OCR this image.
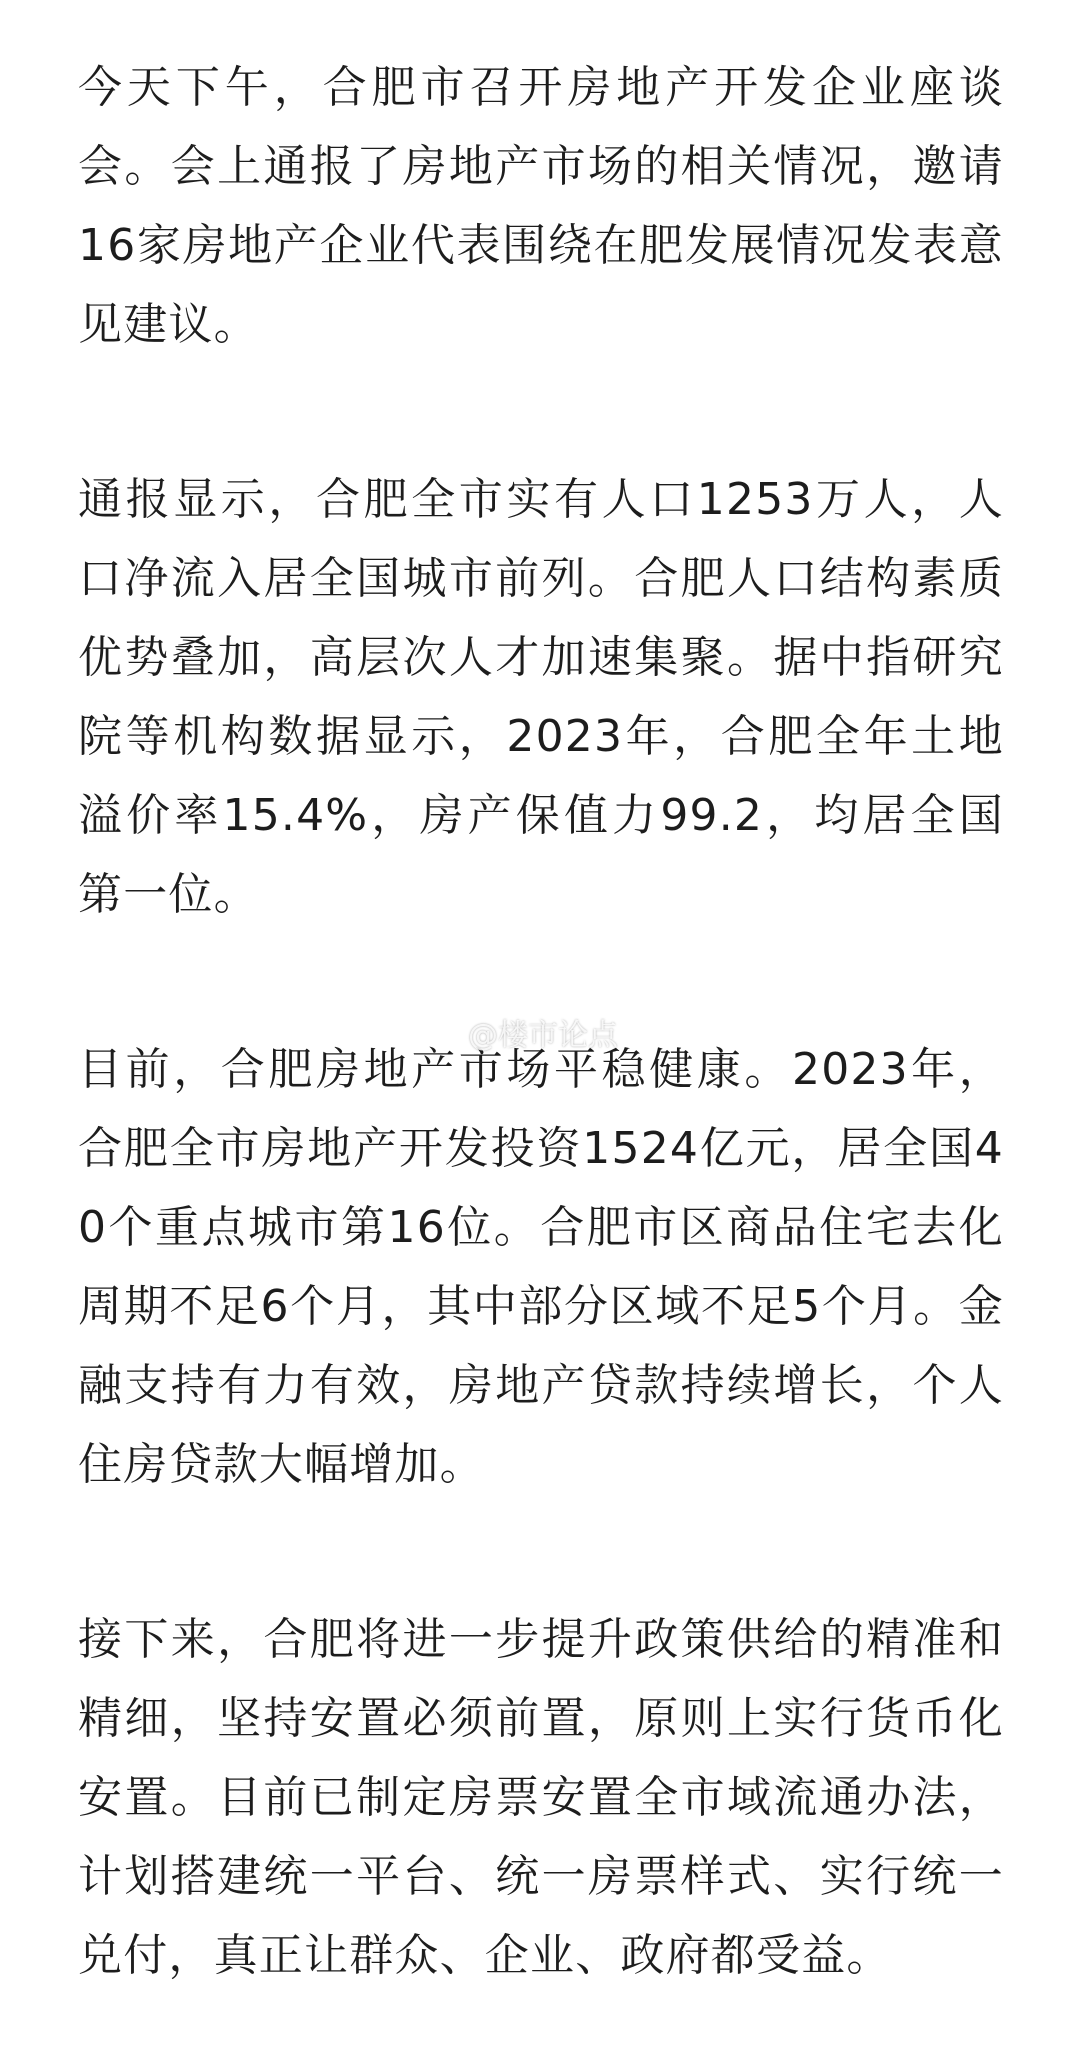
今天下午，合肥市召开房地产开发企业座谈会。会上通报了房地产市场的相关情况，邀请16家房地产企业代表围绕在肥发展情况发表意见建议。

通报显示，合肥全市实有人口1253万人，人口净流入居全国城市前列。合肥人口结构素质优势叠加，高层次人才加速集聚。据中指研究院等机构数据显示，2023年，合肥全年土地溢价率15.4%，房产保值力99.2，均居全国第一位。

目前，合肥房地产市场平稳健康。2023年，合肥全市房地产开发投资1524亿元，居全国40个重点城市第16位。合肥市区商品住宅去化周期不足6个月，其中部分区域不足5个月。金融支持有力有效，房地产贷款持续增长，个人住房贷款大幅增加。

接下来，合肥将进一步提升政策供给的精准和精细，坚持安置必须前置，原则上实行货币化安置。目前已制定房票安置全市域流通办法，计划搭建统一平台、统一房票样式、实行统一兑付，真正让群众、企业、政府都受益。

@楼市论点
